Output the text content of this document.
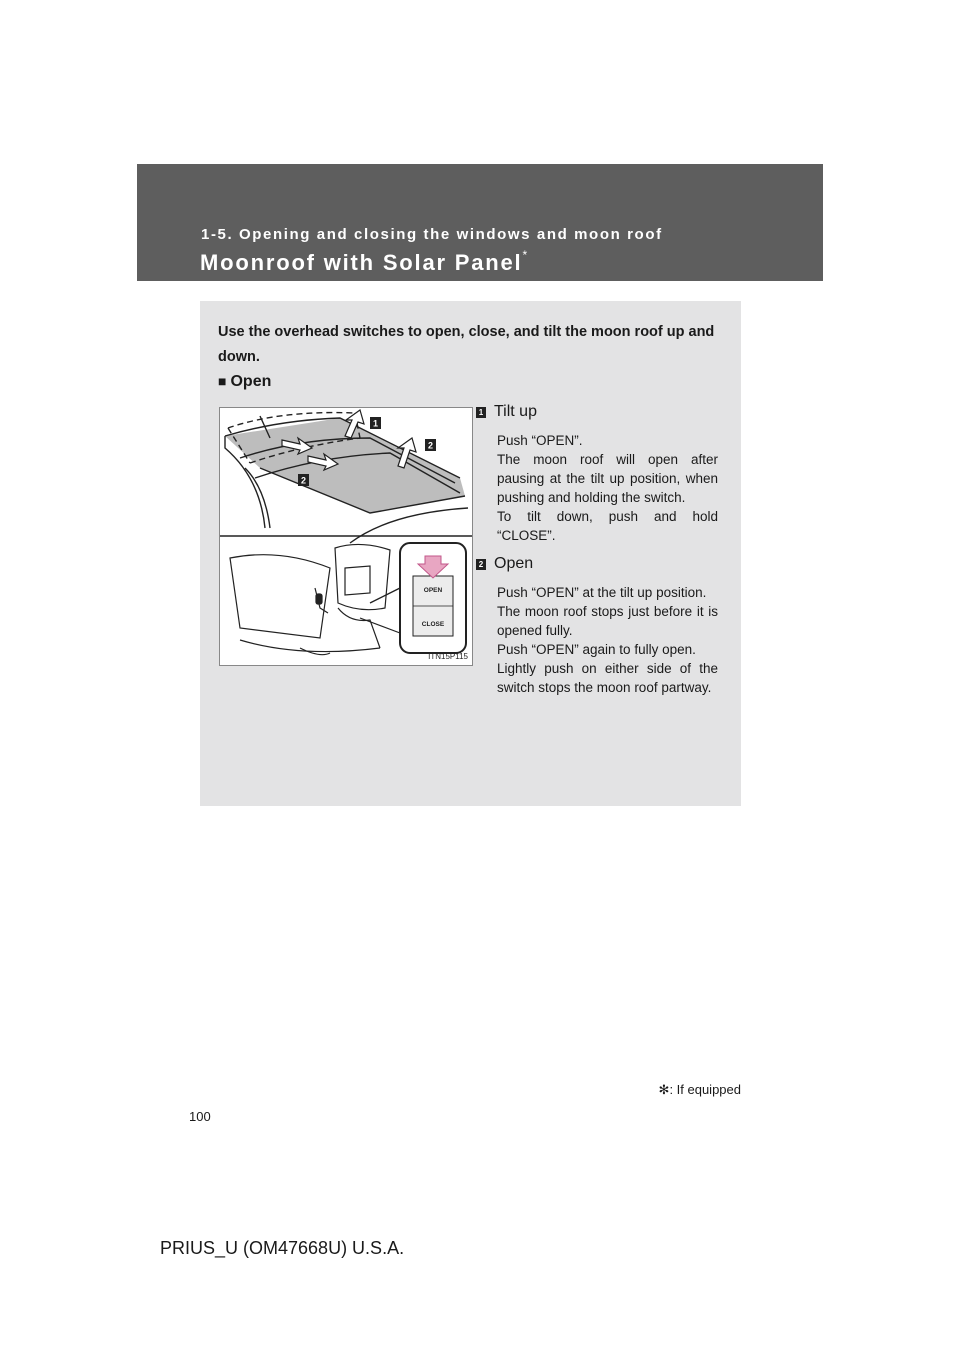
1-5. Opening and closing the windows and moon roof
Moonroof with Solar Panel*
Use the overhead switches to open, close, and tilt the moon roof up and down.
■ Open
1
2
2
OPEN
CLOSE
ITN15P115
1 Tilt up

Push “OPEN”.

The moon roof will open after pausing at the tilt up position, when pushing and holding the switch.

To tilt down, push and hold “CLOSE”.

2 Open

Push “OPEN” at the tilt up position.

The moon roof stops just before it is opened fully.

Push “OPEN” again to fully open.

Lightly push on either side of the switch stops the moon roof partway.

✻: If equipped
100
PRIUS_U (OM47668U) U.S.A.
